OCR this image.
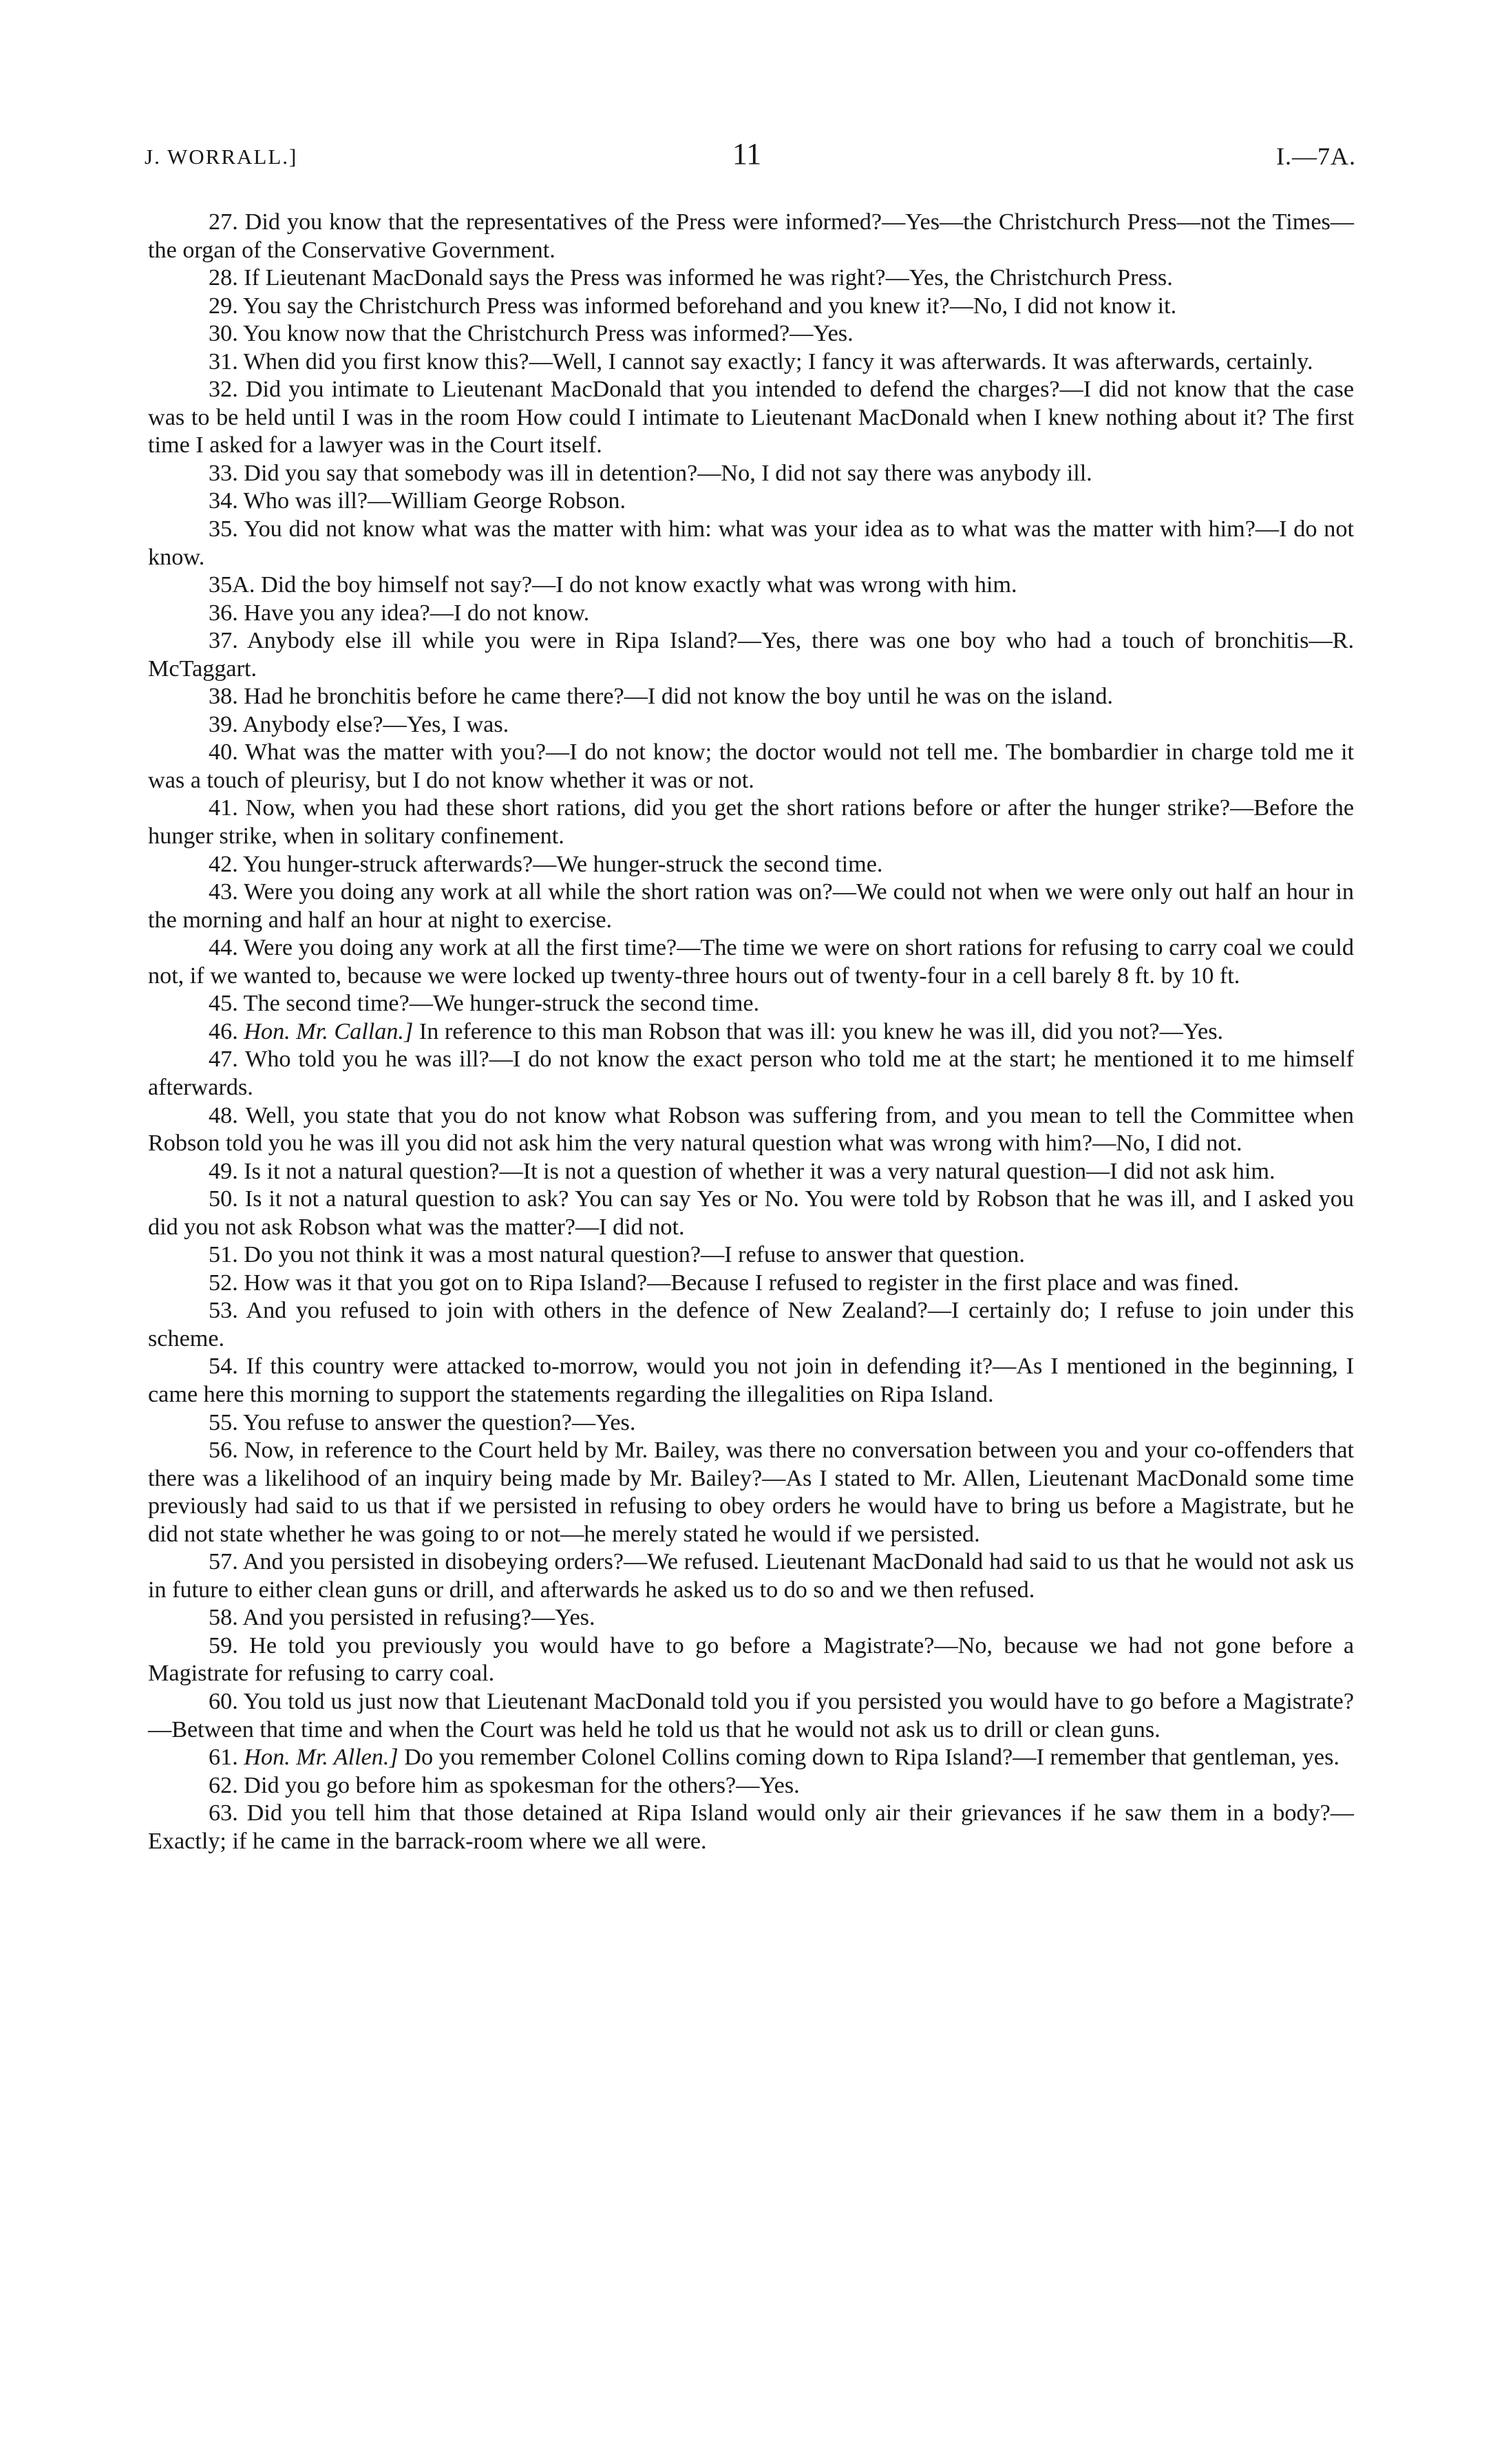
J. WORRALL.]	11	I.—7A.

27. Did you know that the representatives of the Press were informed?—Yes—the Christchurch Press—not the Times—the organ of the Conservative Government.

28. If Lieutenant MacDonald says the Press was informed he was right?—Yes, the Christchurch Press.

29. You say the Christchurch Press was informed beforehand and you knew it?—No, I did not know it.

30. You know now that the Christchurch Press was informed?—Yes.

31. When did you first know this?—Well, I cannot say exactly; I fancy it was afterwards. It was afterwards, certainly.

32. Did you intimate to Lieutenant MacDonald that you intended to defend the charges?—I did not know that the case was to be held until I was in the room How could I intimate to Lieutenant MacDonald when I knew nothing about it? The first time I asked for a lawyer was in the Court itself.

33. Did you say that somebody was ill in detention?—No, I did not say there was anybody ill.

34. Who was ill?—William George Robson.

35. You did not know what was the matter with him: what was your idea as to what was the matter with him?—I do not know.

35A. Did the boy himself not say?—I do not know exactly what was wrong with him.

36. Have you any idea?—I do not know.

37. Anybody else ill while you were in Ripa Island?—Yes, there was one boy who had a touch of bronchitis—R. McTaggart.

38. Had he bronchitis before he came there?—I did not know the boy until he was on the island.

39. Anybody else?—Yes, I was.

40. What was the matter with you?—I do not know; the doctor would not tell me. The bombardier in charge told me it was a touch of pleurisy, but I do not know whether it was or not.

41. Now, when you had these short rations, did you get the short rations before or after the hunger strike?—Before the hunger strike, when in solitary confinement.

42. You hunger-struck afterwards?—We hunger-struck the second time.

43. Were you doing any work at all while the short ration was on?—We could not when we were only out half an hour in the morning and half an hour at night to exercise.

44. Were you doing any work at all the first time?—The time we were on short rations for refusing to carry coal we could not, if we wanted to, because we were locked up twenty-three hours out of twenty-four in a cell barely 8 ft. by 10 ft.

45. The second time?—We hunger-struck the second time.

46. Hon. Mr. Callan.] In reference to this man Robson that was ill: you knew he was ill, did you not?—Yes.

47. Who told you he was ill?—I do not know the exact person who told me at the start; he mentioned it to me himself afterwards.

48. Well, you state that you do not know what Robson was suffering from, and you mean to tell the Committee when Robson told you he was ill you did not ask him the very natural question what was wrong with him?—No, I did not.

49. Is it not a natural question?—It is not a question of whether it was a very natural question—I did not ask him.

50. Is it not a natural question to ask? You can say Yes or No. You were told by Robson that he was ill, and I asked you did you not ask Robson what was the matter?—I did not.

51. Do you not think it was a most natural question?—I refuse to answer that question.

52. How was it that you got on to Ripa Island?—Because I refused to register in the first place and was fined.

53. And you refused to join with others in the defence of New Zealand?—I certainly do; I refuse to join under this scheme.

54. If this country were attacked to-morrow, would you not join in defending it?—As I mentioned in the beginning, I came here this morning to support the statements regarding the illegalities on Ripa Island.

55. You refuse to answer the question?—Yes.

56. Now, in reference to the Court held by Mr. Bailey, was there no conversation between you and your co-offenders that there was a likelihood of an inquiry being made by Mr. Bailey?—As I stated to Mr. Allen, Lieutenant MacDonald some time previously had said to us that if we persisted in refusing to obey orders he would have to bring us before a Magistrate, but he did not state whether he was going to or not—he merely stated he would if we persisted.

57. And you persisted in disobeying orders?—We refused. Lieutenant MacDonald had said to us that he would not ask us in future to either clean guns or drill, and afterwards he asked us to do so and we then refused.

58. And you persisted in refusing?—Yes.

59. He told you previously you would have to go before a Magistrate?—No, because we had not gone before a Magistrate for refusing to carry coal.

60. You told us just now that Lieutenant MacDonald told you if you persisted you would have to go before a Magistrate?—Between that time and when the Court was held he told us that he would not ask us to drill or clean guns.

61. Hon. Mr. Allen.] Do you remember Colonel Collins coming down to Ripa Island?—I remember that gentleman, yes.

62. Did you go before him as spokesman for the others?—Yes.

63. Did you tell him that those detained at Ripa Island would only air their grievances if he saw them in a body?—Exactly; if he came in the barrack-room where we all were.
